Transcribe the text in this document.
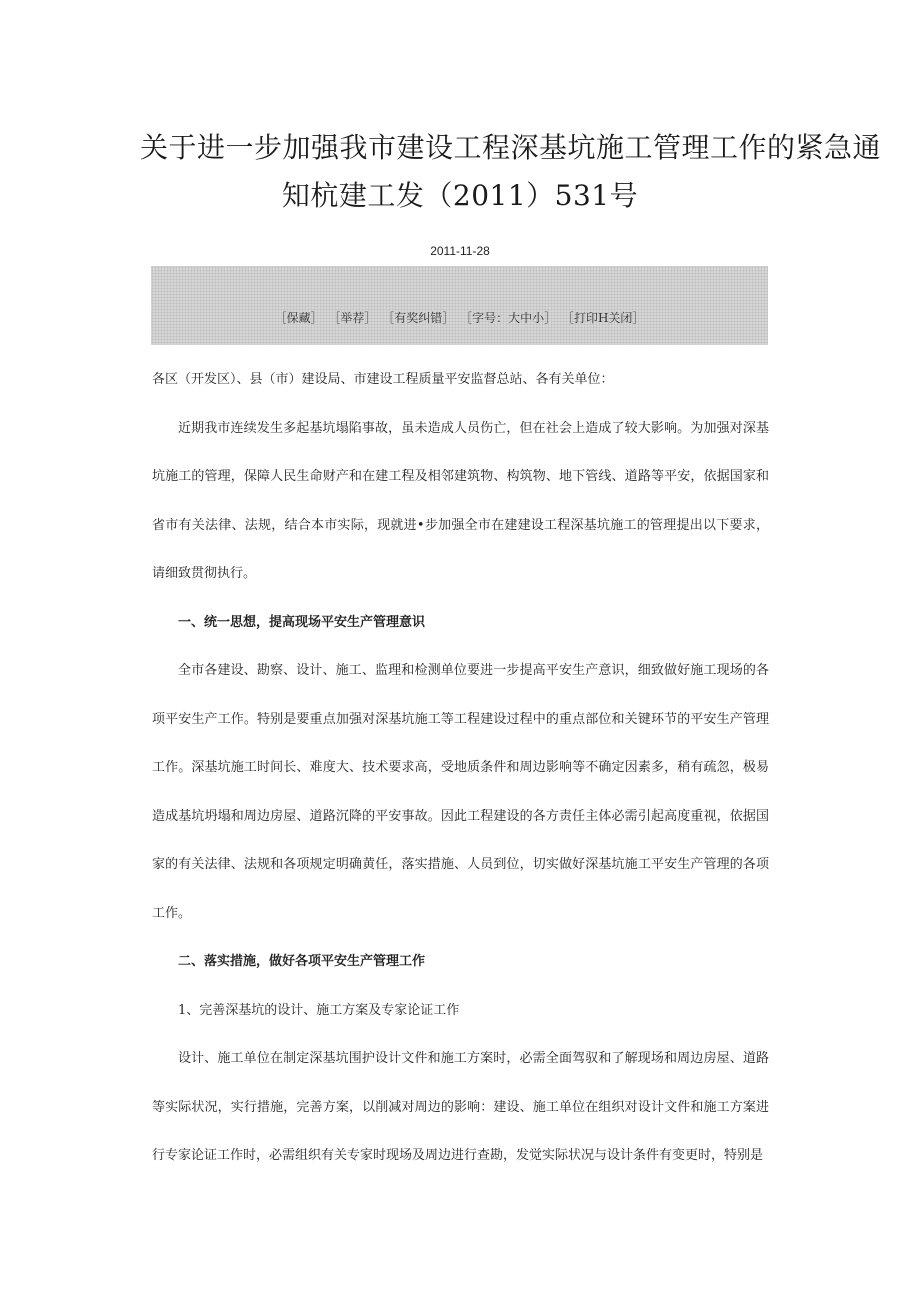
关于进一步加强我市建设工程深基坑施工管理工作的紧急通
知杭建工发（2011）531号
2011-11-28
［保藏］ ［举荐］ ［有奖纠错］ ［字号：大中小］ ［打印H关闭］

各区（开发区）、县（市）建设局、市建设工程质量平安监督总站、各有关单位：

近期我市连续发生多起基坑塌陷事故，虽未造成人员伤亡，但在社会上造成了较大影响。为加强对深基坑施工的管理，保障人民生命财产和在建工程及相邻建筑物、构筑物、地下管线、道路等平安，依据国家和省市有关法律、法规，结合本市实际，现就进•步加强全市在建建设工程深基坑施工的管理提出以下要求，请细致贯彻执行。

一、统一思想，提高现场平安生产管理意识

全市各建设、勘察、设计、施工、监理和检测单位要进一步提高平安生产意识，细致做好施工现场的各项平安生产工作。特别是要重点加强对深基坑施工等工程建设过程中的重点部位和关键环节的平安生产管理工作。深基坑施工时间长、难度大、技术要求高，受地质条件和周边影响等不确定因素多，稍有疏忽，极易造成基坑坍塌和周边房屋、道路沉降的平安事故。因此工程建设的各方责任主体必需引起高度重视，依据国家的有关法律、法规和各项规定明确黄任，落实措施、人员到位，切实做好深基坑施工平安生产管理的各项工作。

二、落实措施，做好各项平安生产管理工作

1、完善深基坑的设计、施工方案及专家论证工作

设计、施工单位在制定深基坑围护设计文件和施工方案时，必需全面驾驭和了解现场和周边房屋、道路等实际状况，实行措施，完善方案，以削减对周边的影响：建设、施工单位在组织对设计文件和施工方案进行专家论证工作时，必需组织有关专家时现场及周边进行查勘，发觉实际状况与设计条件有变更时，特别是
